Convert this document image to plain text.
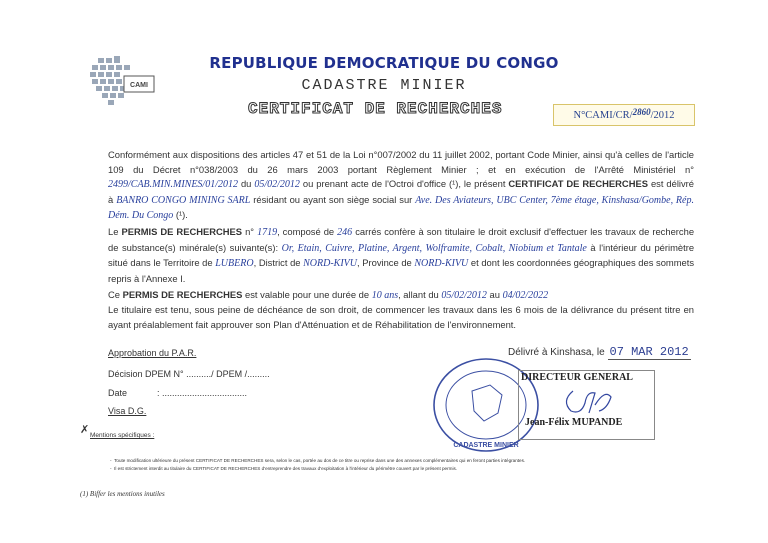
CAMI
REPUBLIQUE DEMOCRATIQUE DU CONGO
CADASTRE MINIER
CERTIFICAT DE RECHERCHES	N°CAMI/CR/2860/2012
Conformément aux dispositions des articles 47 et 51 de la Loi n°007/2002 du 11 juillet 2002, portant Code Minier, ainsi qu'à celles de l'article 109 du Décret n°038/2003 du 26 mars 2003 portant Règlement Minier ; et en exécution de l'Arrêté Ministériel n° 2499/CAB.MIN.MINES/01/2012 du 05/02/2012 ou prenant acte de l'Octroi d'office (¹), le présent CERTIFICAT DE RECHERCHES est délivré à BANRO CONGO MINING SARL résidant ou ayant son siège social sur Ave. Des Aviateurs, UBC Center, 7ème étage, Kinshasa/Gombe, Rép. Dém. Du Congo (¹).
Le PERMIS DE RECHERCHES n° 1719, composé de 246 carrés confère à son titulaire le droit exclusif d'effectuer les travaux de recherche de substance(s) minérale(s) suivante(s): Or, Etain, Cuivre, Platine, Argent, Wolframite, Cobalt, Niobium et Tantale à l'intérieur du périmètre situé dans le Territoire de LUBERO, District de NORD-KIVU, Province de NORD-KIVU et dont les coordonnées géographiques des sommets repris à l'Annexe I.
Ce PERMIS DE RECHERCHES est valable pour une durée de 10 ans, allant du 05/02/2012 au 04/02/2022
Le titulaire est tenu, sous peine de déchéance de son droit, de commencer les travaux dans les 6 mois de la délivrance du présent titre en ayant préalablement fait approuver son Plan d'Atténuation et de Réhabilitation de l'environnement.
Approbation du P.A.R.
Décision DPEM N° ........../ DPEM /.........
Date	: ..................................
Visa D.G.
Délivré à Kinshasa, le 07 MAR 2012
CADASTRE MINIER
DIRECTEUR GENERAL
Jean-Félix MUPANDE
✗ Mentions spécifiques :
-  Toute modification ultérieure du présent CERTIFICAT DE RECHERCHES sera, selon le cas, portée au dos de ce titre ou reprise dans une des annexes complémentaires qui en feront parties intégrantes.
-  Il est strictement interdit au titulaire du CERTIFICAT DE RECHERCHES d'entreprendre des travaux d'exploitation à l'intérieur du périmètre couvert par le présent permis.
(1) Biffer les mentions inutiles
